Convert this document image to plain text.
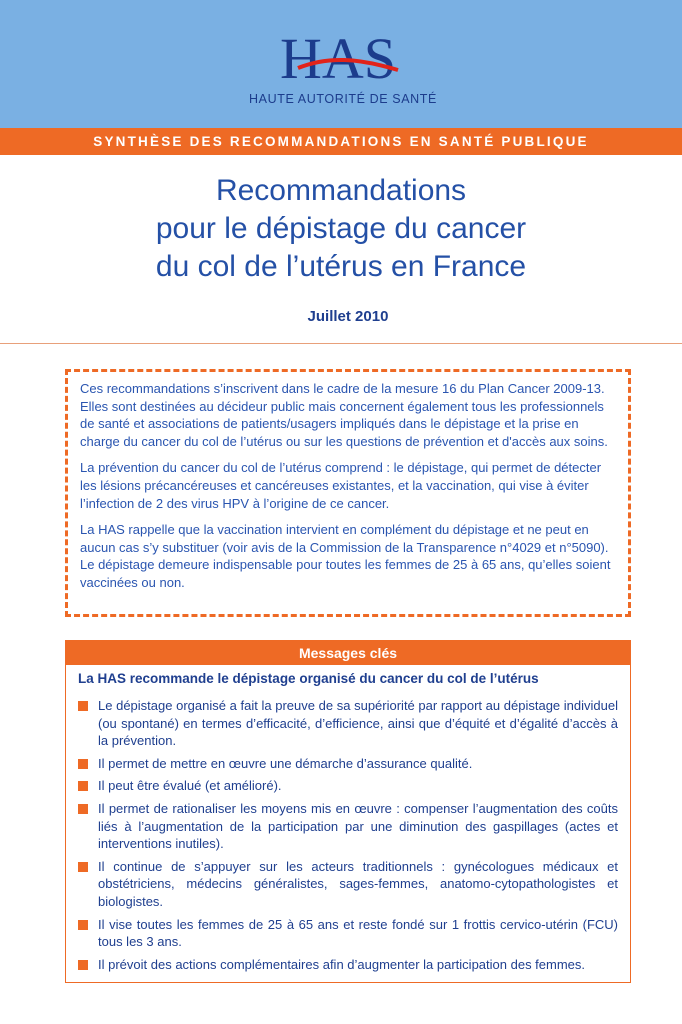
HAS
HAUTE AUTORITÉ DE SANTÉ
SYNTHÈSE DES RECOMMANDATIONS EN SANTÉ PUBLIQUE
Recommandations
pour le dépistage du cancer
du col de l’utérus en France
Juillet 2010

Ces recommandations s’inscrivent dans le cadre de la mesure 16 du Plan Cancer 2009-13. Elles sont destinées au décideur public mais concernent également tous les professionnels de santé et associations de patients/usagers impliqués dans le dépistage et la prise en charge du cancer du col de l’utérus ou sur les questions de prévention et d'accès aux soins.

La prévention du cancer du col de l’utérus comprend : le dépistage, qui permet de détecter les lésions précancéreuses et cancéreuses existantes, et la vaccination, qui vise à éviter l’infection de 2 des virus HPV à l’origine de ce cancer.

La HAS rappelle que la vaccination intervient en complément du dépistage et ne peut en aucun cas s’y substituer (voir avis de la Commission de la Transparence n°4029 et n°5090). Le dépistage demeure indispensable pour toutes les femmes de 25 à 65 ans, qu’elles soient vaccinées ou non.

Messages clés
La HAS recommande le dépistage organisé du cancer du col de l’utérus
Le dépistage organisé a fait la preuve de sa supériorité par rapport au dépistage individuel (ou spontané) en termes d’efficacité, d’efficience, ainsi que d’équité et d’égalité d’accès à la prévention.
Il permet de mettre en œuvre une démarche d’assurance qualité.
Il peut être évalué (et amélioré).
Il permet de rationaliser les moyens mis en œuvre : compenser l’augmentation des coûts liés à l’augmentation de la participation par une diminution des gaspillages (actes et interventions inutiles).
Il continue de s’appuyer sur les acteurs traditionnels : gynécologues médicaux et obstétriciens, médecins généralistes, sages-femmes, anatomo-cytopathologistes et biologistes.
Il vise toutes les femmes de 25 à 65 ans et reste fondé sur 1 frottis cervico-utérin (FCU) tous les 3 ans.
Il prévoit des actions complémentaires afin d’augmenter la participation des femmes.
